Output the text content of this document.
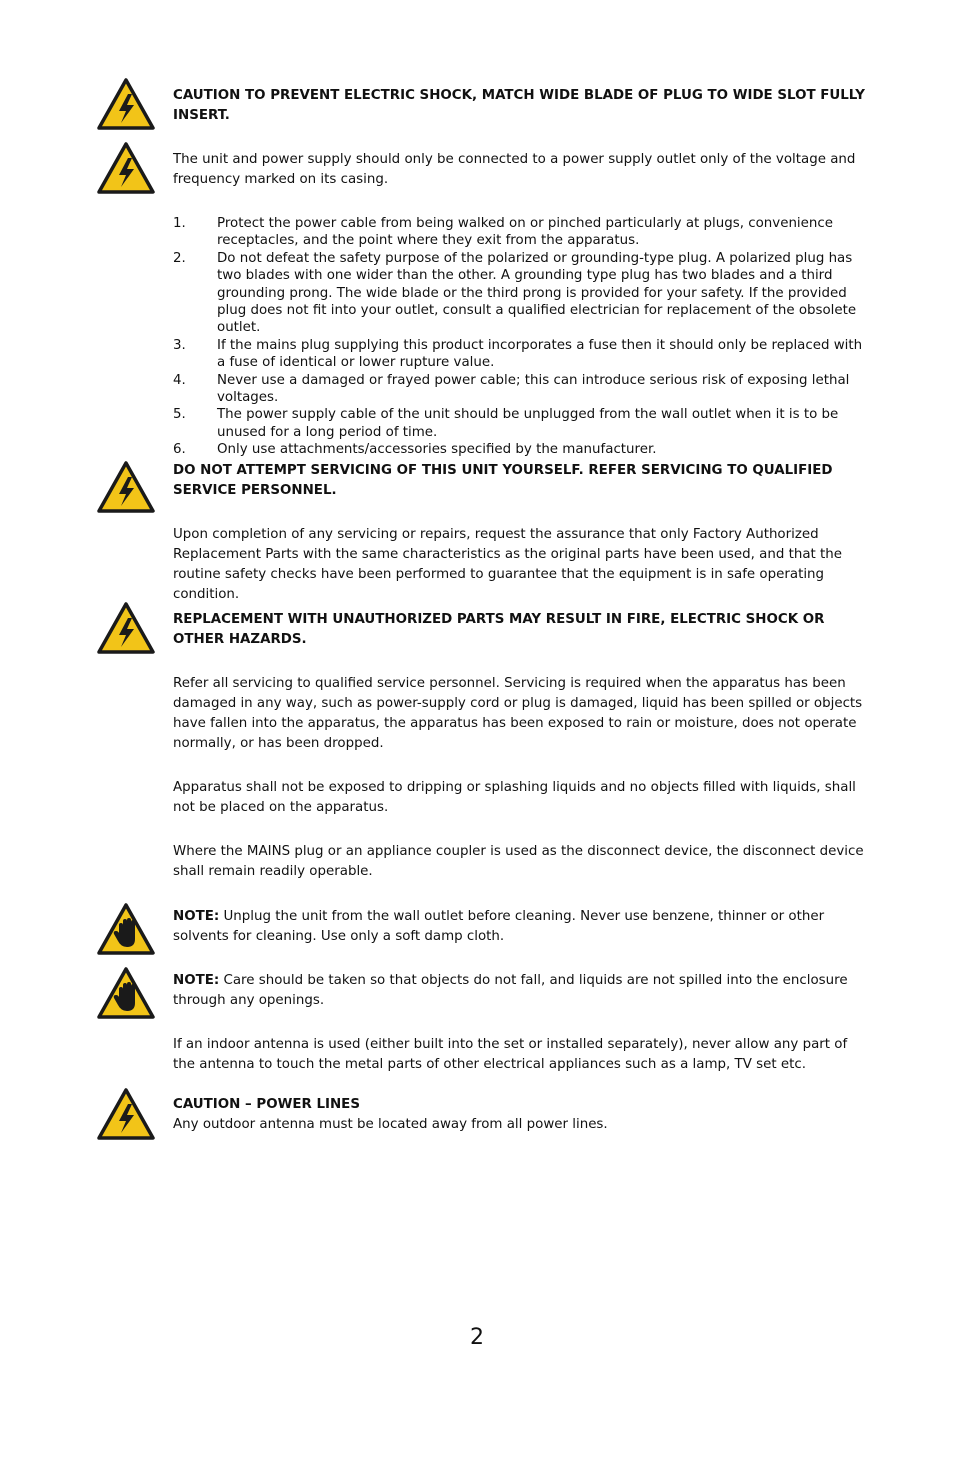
CAUTION TO PREVENT ELECTRIC SHOCK, MATCH WIDE BLADE OF PLUG TO WIDE SLOT FULLY INSERT.
The unit and power supply should only be connected to a power supply outlet only of the voltage and frequency marked on its casing.
1. Protect the power cable from being walked on or pinched particularly at plugs, convenience receptacles, and the point where they exit from the apparatus.
2. Do not defeat the safety purpose of the polarized or grounding-type plug. A polarized plug has two blades with one wider than the other. A grounding type plug has two blades and a third grounding prong. The wide blade or the third prong is provided for your safety. If the provided plug does not fit into your outlet, consult a qualified electrician for replacement of the obsolete outlet.
3. If the mains plug supplying this product incorporates a fuse then it should only be replaced with a fuse of identical or lower rupture value.
4. Never use a damaged or frayed power cable; this can introduce serious risk of exposing lethal voltages.
5. The power supply cable of the unit should be unplugged from the wall outlet when it is to be unused for a long period of time.
6. Only use attachments/accessories specified by the manufacturer.
DO NOT ATTEMPT SERVICING OF THIS UNIT YOURSELF. REFER SERVICING TO QUALIFIED SERVICE PERSONNEL.
Upon completion of any servicing or repairs, request the assurance that only Factory Authorized Replacement Parts with the same characteristics as the original parts have been used, and that the routine safety checks have been performed to guarantee that the equipment is in safe operating condition.
REPLACEMENT WITH UNAUTHORIZED PARTS MAY RESULT IN FIRE, ELECTRIC SHOCK OR OTHER HAZARDS.
Refer all servicing to qualified service personnel. Servicing is required when the apparatus has been damaged in any way, such as power-supply cord or plug is damaged, liquid has been spilled or objects have fallen into the apparatus, the apparatus has been exposed to rain or moisture, does not operate normally, or has been dropped.
Apparatus shall not be exposed to dripping or splashing liquids and no objects filled with liquids, shall not be placed on the apparatus.
Where the MAINS plug or an appliance coupler is used as the disconnect device, the disconnect device shall remain readily operable.
NOTE: Unplug the unit from the wall outlet before cleaning. Never use benzene, thinner or other solvents for cleaning. Use only a soft damp cloth.
NOTE: Care should be taken so that objects do not fall, and liquids are not spilled into the enclosure through any openings.
If an indoor antenna is used (either built into the set or installed separately), never allow any part of the antenna to touch the metal parts of other electrical appliances such as a lamp, TV set etc.
CAUTION – POWER LINES
Any outdoor antenna must be located away from all power lines.
2
